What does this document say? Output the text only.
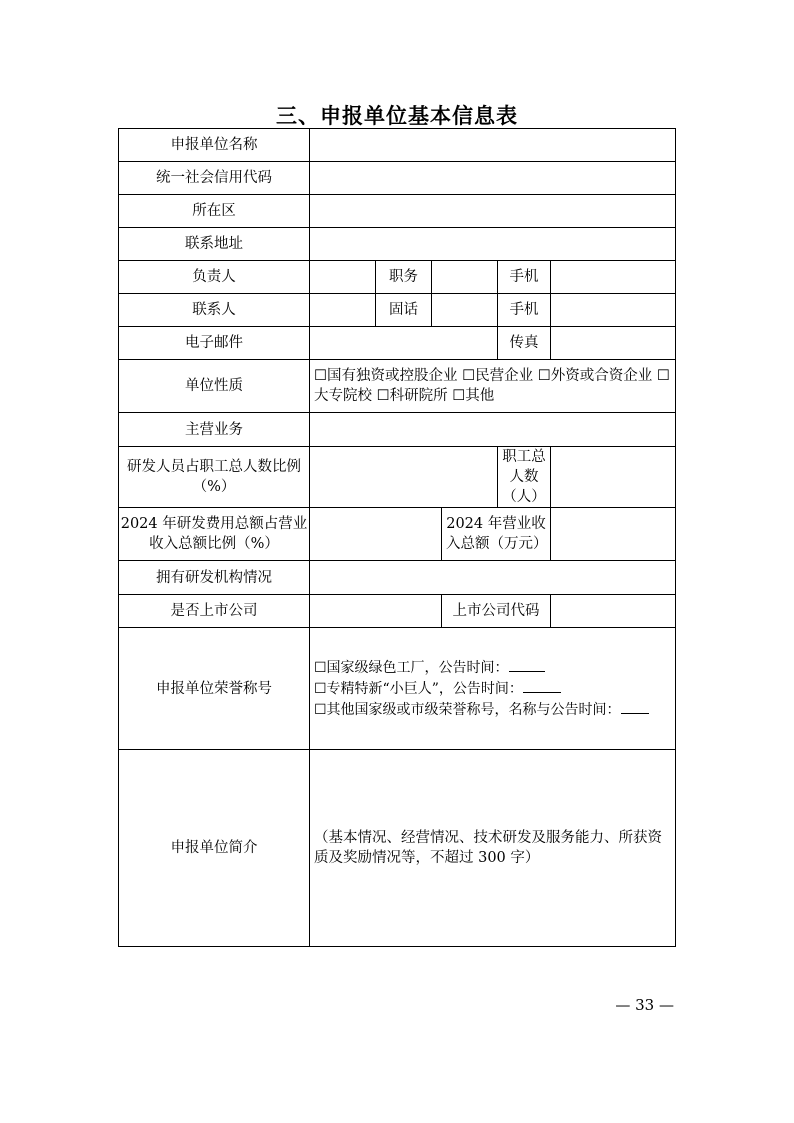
三、申报单位基本信息表
申报单位名称						
统一社会信用代码						
所在区						
联系地址						
负责人		职务			手机	
联系人		固话			手机	
电子邮件					传真	
单位性质	☐国有独资或控股企业 ☐民营企业 ☐外资或合资企业 ☐大专院校 ☐科研院所 ☐其他					
主营业务						
研发人员占职工总人数比例（%）					职工总人数（人）	
2024 年研发费用总额占营业收入总额比例（%）				2024 年营业收入总额（万元）		
拥有研发机构情况						
是否上市公司				上市公司代码		
申报单位荣誉称号	☐国家级绿色工厂，公告时间：
☐专精特新“小巨人”，公告时间：
☐其他国家级或市级荣誉称号，名称与公告时间：					

申报单位简介	（基本情况、经营情况、技术研发及服务能力、所获资质及奖励情况等，不超过 300 字）					
— 33 —
